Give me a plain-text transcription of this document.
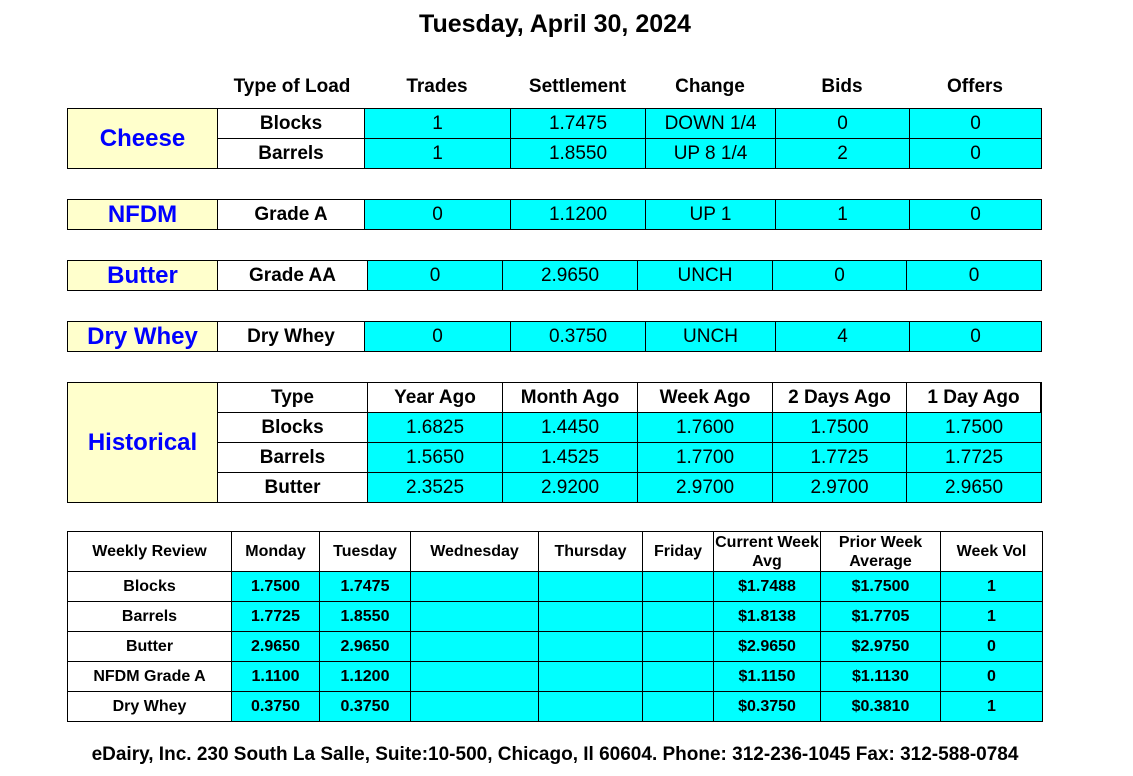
Tuesday, April 30, 2024
Type of Load	Trades	Settlement	Change	Bids	Offers
Cheese
Blocks	1	1.7475	DOWN 1/4	0	0
Barrels	1	1.8550	UP 8 1/4	2	0
NFDM	Grade A	0	1.1200	UP 1	1	0
Butter	Grade AA	0	2.9650	UNCH	0	0
Dry Whey	Dry Whey	0	0.3750	UNCH	4	0
Historical
Type	Year Ago	Month Ago	Week Ago	2 Days Ago	1 Day Ago
Blocks	1.6825	1.4450	1.7600	1.7500	1.7500
Barrels	1.5650	1.4525	1.7700	1.7725	1.7725
Butter	2.3525	2.9200	2.9700	2.9700	2.9650
Weekly Review	Monday	Tuesday	Wednesday	Thursday	Friday	Current Week Avg	Prior Week Average	Week Vol
Blocks	1.7500	1.7475				$1.7488	$1.7500	1
Barrels	1.7725	1.8550				$1.8138	$1.7705	1
Butter	2.9650	2.9650				$2.9650	$2.9750	0
NFDM Grade A	1.1100	1.1200				$1.1150	$1.1130	0
Dry Whey	0.3750	0.3750				$0.3750	$0.3810	1
eDairy, Inc. 230 South La Salle, Suite:10-500, Chicago, Il 60604. Phone: 312-236-1045 Fax: 312-588-0784
